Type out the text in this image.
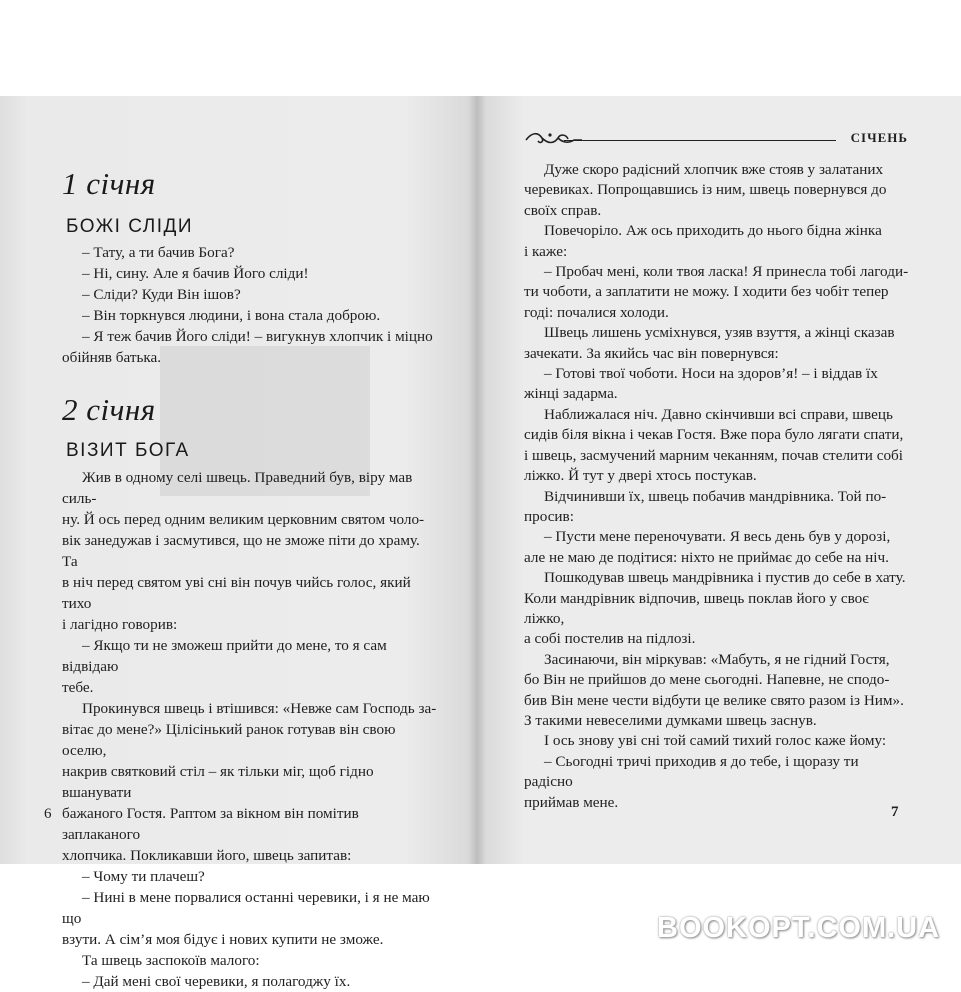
1 січня
БОЖІ СЛІДИ

– Тату, а ти бачив Бога?

– Ні, сину. Але я бачив Його сліди!

– Сліди? Куди Він ішов?

– Він торкнувся людини, і вона стала доброю.

– Я теж бачив Його сліди! – вигукнув хлопчик і міцно

обійняв батька.

2 січня
ВІЗИТ БОГА

Жив в одному селі швець. Праведний був, віру мав силь-

ну. Й ось перед одним великим церковним святом чоло-

вік занедужав і засмутився, що не зможе піти до храму. Та

в ніч перед святом уві сні він почув чийсь голос, який тихо

і лагідно говорив:

– Якщо ти не зможеш прийти до мене, то я сам відвідаю

тебе.

Прокинувся швець і втішився: «Невже сам Господь за-

вітає до мене?» Цілісінький ранок готував він свою оселю,

накрив святковий стіл – як тільки міг, щоб гідно вшанувати

бажаного Гостя. Раптом за вікном він помітив заплаканого

хлопчика. Покликавши його, швець запитав:

– Чому ти плачеш?

– Нині в мене порвалися останні черевики, і я не маю що

взути. А сім’я моя бідує і нових купити не зможе.

Та швець заспокоїв малого:

– Дай мені свої черевики, я полагоджу їх.

6	7
СІЧЕНЬ

Дуже скоро радісний хлопчик вже стояв у залатаних

черевиках. Попрощавшись із ним, швець повернувся до

своїх справ.

Повечоріло. Аж ось приходить до нього бідна жінка

і каже:

– Пробач мені, коли твоя ласка! Я принесла тобі лагоди-

ти чоботи, а заплатити не можу. І ходити без чобіт тепер

годі: почалися холоди.

Швець лишень усміхнувся, узяв взуття, а жінці сказав

зачекати. За якийсь час він повернувся:

– Готові твої чоботи. Носи на здоров’я! – і віддав їх

жінці задарма.

Наближалася ніч. Давно скінчивши всі справи, швець

сидів біля вікна і чекав Гостя. Вже пора було лягати спати,

і швець, засмучений марним чеканням, почав стелити собі

ліжко. Й тут у двері хтось постукав.

Відчинивши їх, швець побачив мандрівника. Той по-

просив:

– Пусти мене переночувати. Я весь день був у дорозі,

але не маю де подітися: ніхто не приймає до себе на ніч.

Пошкодував швець мандрівника і пустив до себе в хату.

Коли мандрівник відпочив, швець поклав його у своє ліжко,

а собі постелив на підлозі.

Засинаючи, він міркував: «Мабуть, я не гідний Гостя,

бо Він не прийшов до мене сьогодні. Напевне, не сподо-

бив Він мене чести відбути це велике свято разом із Ним».

З такими невеселими думками швець заснув.

І ось знову уві сні той самий тихий голос каже йому:

– Сьогодні тричі приходив я до тебе, і щоразу ти радісно

приймав мене.

BOOKOPT.COM.UA
